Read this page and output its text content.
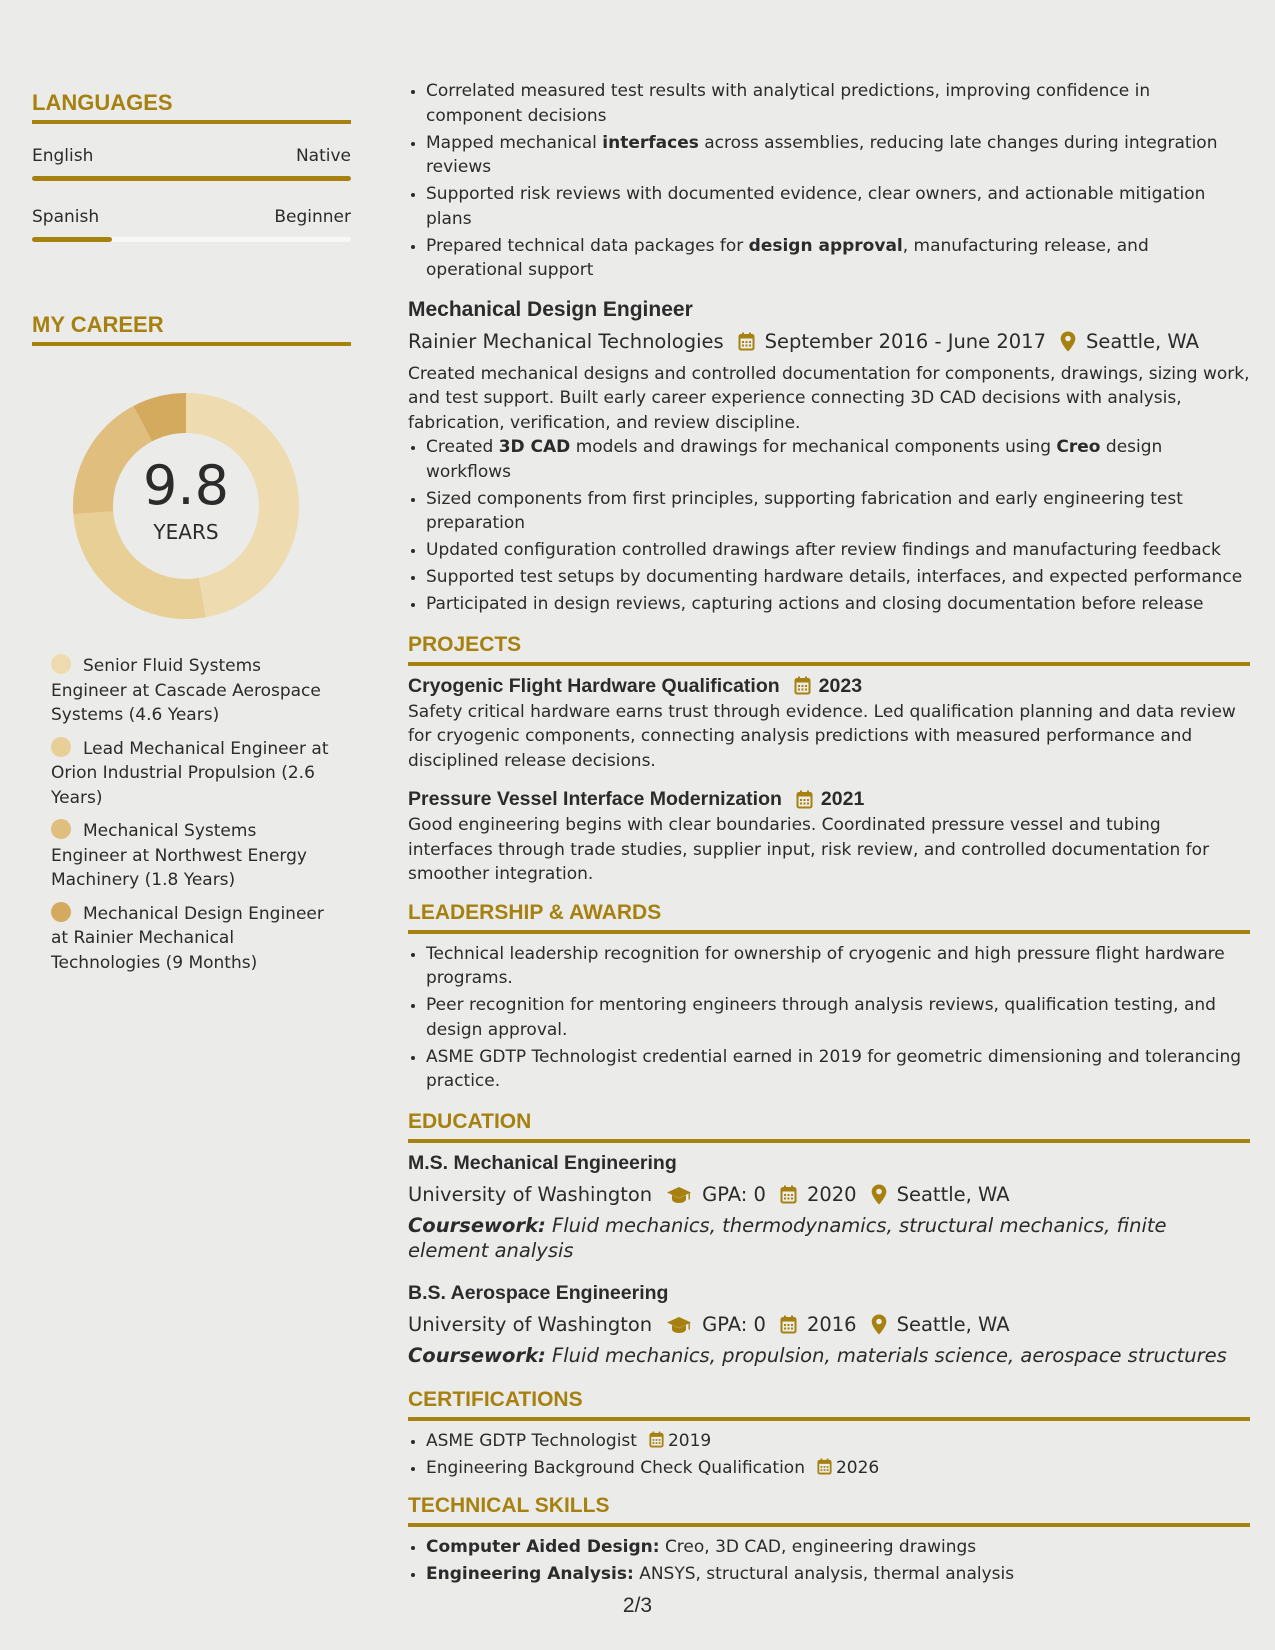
LANGUAGES
English	Native
Spanish	Beginner
MY CAREER
9.8
YEARS
Senior Fluid Systems Engineer at Cascade Aerospace Systems (4.6 Years)
Lead Mechanical Engineer at Orion Industrial Propulsion (2.6 Years)
Mechanical Systems Engineer at Northwest Energy Machinery (1.8 Years)
Mechanical Design Engineer at Rainier Mechanical Technologies (9 Months)
• Correlated measured test results with analytical predictions, improving confidence in component decisions
• Mapped mechanical interfaces across assemblies, reducing late changes during integration reviews
• Supported risk reviews with documented evidence, clear owners, and actionable mitigation plans
• Prepared technical data packages for design approval, manufacturing release, and operational support
Mechanical Design Engineer
Rainier Mechanical Technologies September 2016 - June 2017 Seattle, WA
Created mechanical designs and controlled documentation for components, drawings, sizing work, and test support. Built early career experience connecting 3D CAD decisions with analysis, fabrication, verification, and review discipline.
• Created 3D CAD models and drawings for mechanical components using Creo design workflows
• Sized components from first principles, supporting fabrication and early engineering test preparation
• Updated configuration controlled drawings after review findings and manufacturing feedback
• Supported test setups by documenting hardware details, interfaces, and expected performance
• Participated in design reviews, capturing actions and closing documentation before release
PROJECTS
Cryogenic Flight Hardware Qualification 2023
Safety critical hardware earns trust through evidence. Led qualification planning and data review for cryogenic components, connecting analysis predictions with measured performance and disciplined release decisions.
Pressure Vessel Interface Modernization 2021
Good engineering begins with clear boundaries. Coordinated pressure vessel and tubing interfaces through trade studies, supplier input, risk review, and controlled documentation for smoother integration.
LEADERSHIP & AWARDS
• Technical leadership recognition for ownership of cryogenic and high pressure flight hardware programs.
• Peer recognition for mentoring engineers through analysis reviews, qualification testing, and design approval.
• ASME GDTP Technologist credential earned in 2019 for geometric dimensioning and tolerancing practice.
EDUCATION
M.S. Mechanical Engineering
University of Washington	GPA: 0 2020 Seattle, WA
Coursework: Fluid mechanics, thermodynamics, structural mechanics, finite element analysis
B.S. Aerospace Engineering
University of Washington	GPA: 0 2016 Seattle, WA
Coursework: Fluid mechanics, propulsion, materials science, aerospace structures
CERTIFICATIONS
• ASME GDTP Technologist 2019
• Engineering Background Check Qualification 2026
TECHNICAL SKILLS
• Computer Aided Design: Creo, 3D CAD, engineering drawings
• Engineering Analysis: ANSYS, structural analysis, thermal analysis
2/3
